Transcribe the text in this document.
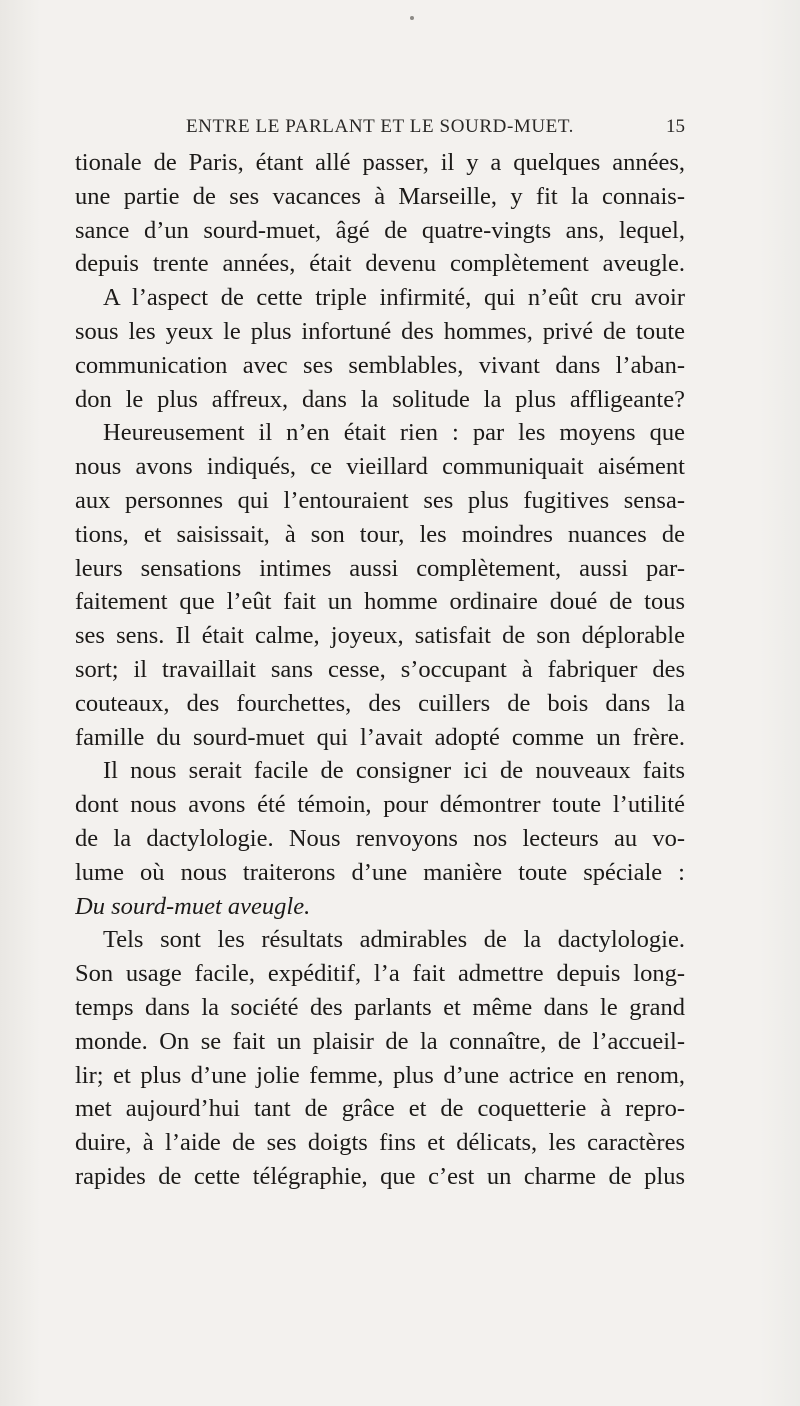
ENTRE LE PARLANT ET LE SOURD-MUET.	15
tionale de Paris, étant allé passer, il y a quelques années,
une partie de ses vacances à Marseille, y fit la connais-
sance d’un sourd-muet, âgé de quatre-vingts ans, lequel,
depuis trente années, était devenu complètement aveugle.
A l’aspect de cette triple infirmité, qui n’eût cru avoir
sous les yeux le plus infortuné des hommes, privé de toute
communication avec ses semblables, vivant dans l’aban-
don le plus affreux, dans la solitude la plus affligeante?
Heureusement il n’en était rien : par les moyens que
nous avons indiqués, ce vieillard communiquait aisément
aux personnes qui l’entouraient ses plus fugitives sensa-
tions, et saisissait, à son tour, les moindres nuances de
leurs sensations intimes aussi complètement, aussi par-
faitement que l’eût fait un homme ordinaire doué de tous
ses sens. Il était calme, joyeux, satisfait de son déplorable
sort; il travaillait sans cesse, s’occupant à fabriquer des
couteaux, des fourchettes, des cuillers de bois dans la
famille du sourd-muet qui l’avait adopté comme un frère.
Il nous serait facile de consigner ici de nouveaux faits
dont nous avons été témoin, pour démontrer toute l’utilité
de la dactylologie. Nous renvoyons nos lecteurs au vo-
lume où nous traiterons d’une manière toute spéciale :
Du sourd-muet aveugle.
Tels sont les résultats admirables de la dactylologie.
Son usage facile, expéditif, l’a fait admettre depuis long-
temps dans la société des parlants et même dans le grand
monde. On se fait un plaisir de la connaître, de l’accueil-
lir; et plus d’une jolie femme, plus d’une actrice en renom,
met aujourd’hui tant de grâce et de coquetterie à repro-
duire, à l’aide de ses doigts fins et délicats, les caractères
rapides de cette télégraphie, que c’est un charme de plus
